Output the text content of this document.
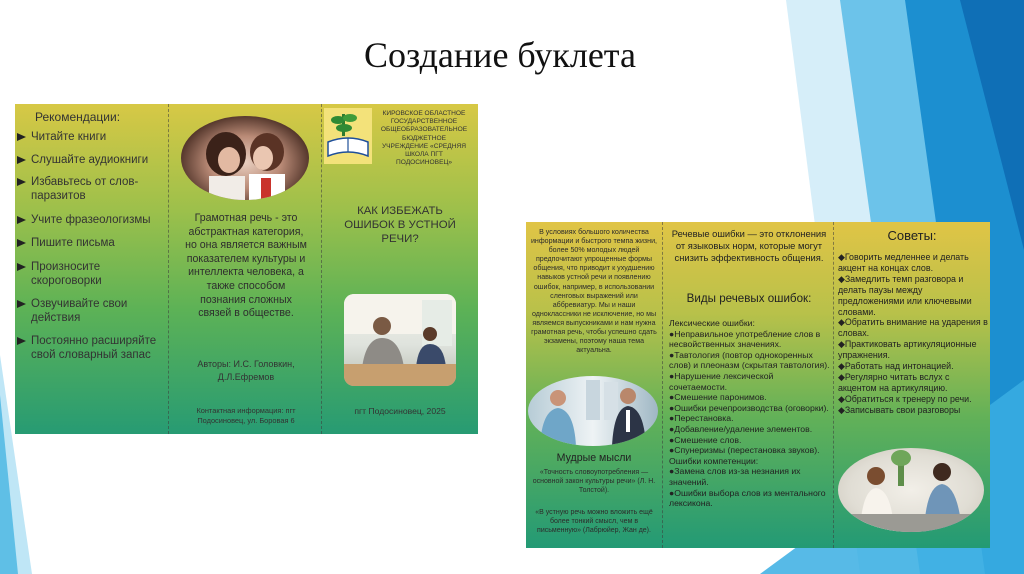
Создание буклета
Рекомендации:
Читайте книги
Слушайте аудиокниги
Избавьтесь от слов-паразитов
Учите фразеологизмы
Пишите письма
Произносите скороговорки
Озвучивайте свои действия
Постоянно расширяйте свой словарный запас
Грамотная речь - это абстрактная категория, но она является важным показателем культуры и интеллекта человека, а также способом познания сложных связей в обществе.
Авторы: И.С. Головкин,
Д.Л.Ефремов
Контактная информация: пгт Подосиновец, ул. Боровая 6
КИРОВСКОЕ ОБЛАСТНОЕ ГОСУДАРСТВЕННОЕ ОБЩЕОБРАЗОВАТЕЛЬНОЕ БЮДЖЕТНОЕ УЧРЕЖДЕНИЕ «СРЕДНЯЯ ШКОЛА ПГТ ПОДОСИНОВЕЦ»
КАК ИЗБЕЖАТЬ ОШИБОК В УСТНОЙ РЕЧИ?
пгт Подосиновец, 2025
В условиях большого количества информации и быстрого темпа жизни, более 50% молодых людей предпочитают упрощенные формы общения, что приводит к ухудшению навыков устной речи и появлению ошибок, например, в использовании сленговых выражений или аббревиатур. Мы и наши одноклассники не исключение, но мы являемся выпускниками и нам нужна грамотная речь, чтобы успешно сдать экзамены, поэтому наша тема актуальна.
Мудрые мысли
«Точность словоупотребления — основной закон культуры речи» (Л. Н. Толстой).
«В устную речь можно вложить ещё более тонкий смысл, чем в письменную» (Лабрюйер, Жан де).
Речевые ошибки — это отклонения от языковых норм, которые могут снизить эффективность общения.
Виды речевых ошибок:
Лексические ошибки:
●Неправильное употребление слов в несвойственных значениях.
●Тавтология (повтор однокоренных слов) и плеоназм (скрытая тавтология).
●Нарушение лексической сочетаемости.
●Смешение паронимов.
●Ошибки речепроизводства (оговорки).
●Перестановка.
●Добавление/удаление элементов.
●Смешение слов.
●Спунеризмы (перестановка звуков).
Ошибки компетенции:
●Замена слов из-за незнания их значений.
●Ошибки выбора слов из ментального лексикона.
Советы:
◆Говорить медленнее и делать акцент на концах слов.
◆Замедлить темп разговора и делать паузы между предложениями или ключевыми словами.
◆Обратить внимание на ударения в словах.
◆Практиковать артикуляционные упражнения.
◆Работать над интонацией.
◆Регулярно читать вслух с акцентом на артикуляцию.
◆Обратиться к тренеру по речи.
◆Записывать свои разговоры
